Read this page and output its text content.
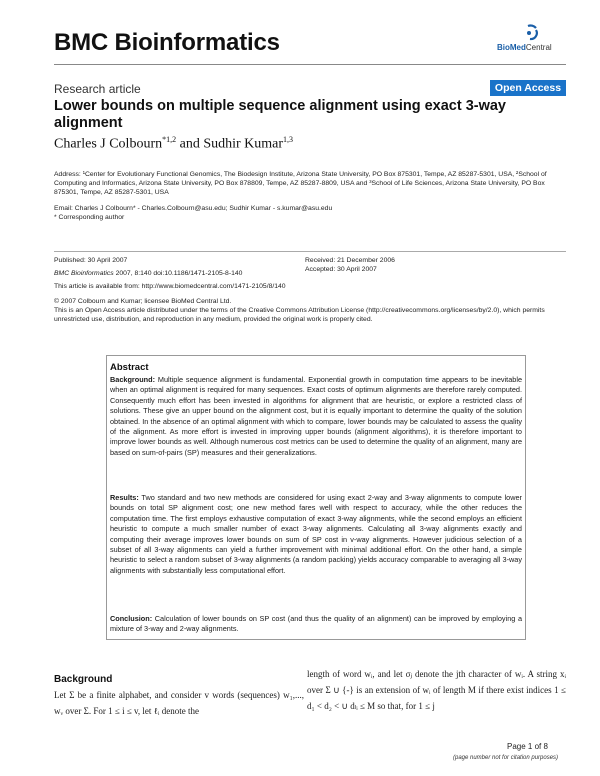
BMC Bioinformatics	BioMedCentral
Research article	Open Access
Lower bounds on multiple sequence alignment using exact 3-way alignment
Charles J Colbourn$^{*1,2}$ and Sudhir Kumar$^{1,3}$
Address: ¹Center for Evolutionary Functional Genomics, The Biodesign Institute, Arizona State University, PO Box 875301, Tempe, AZ 85287-5301, USA, ²School of Computing and Informatics, Arizona State University, PO Box 878809, Tempe, AZ 85287-8809, USA and ³School of Life Sciences, Arizona State University, PO Box 875301, Tempe, AZ 85287-5301, USA
Email: Charles J Colbourn* - Charles.Colbourn@asu.edu; Sudhir Kumar - s.kumar@asu.edu
* Corresponding author
Published: 30 April 2007
BMC Bioinformatics 2007, 8:140 doi:10.1186/1471-2105-8-140
Received: 21 December 2006
Accepted: 30 April 2007
This article is available from: http://www.biomedcentral.com/1471-2105/8/140
© 2007 Colbourn and Kumar; licensee BioMed Central Ltd.
This is an Open Access article distributed under the terms of the Creative Commons Attribution License (http://creativecommons.org/licenses/by/2.0), which permits unrestricted use, distribution, and reproduction in any medium, provided the original work is properly cited.
Abstract
Background: Multiple sequence alignment is fundamental. Exponential growth in computation time appears to be inevitable when an optimal alignment is required for many sequences. Exact costs of optimum alignments are therefore rarely computed. Consequently much effort has been invested in algorithms for alignment that are heuristic, or explore a restricted class of solutions. These give an upper bound on the alignment cost, but it is equally important to determine the quality of the solution obtained. In the absence of an optimal alignment with which to compare, lower bounds may be calculated to assess the quality of the alignment. As more effort is invested in improving upper bounds (alignment algorithms), it is therefore important to improve lower bounds as well. Although numerous cost metrics can be used to determine the quality of an alignment, many are based on sum-of-pairs (SP) measures and their generalizations.
Results: Two standard and two new methods are considered for using exact 2-way and 3-way alignments to compute lower bounds on total SP alignment cost; one new method fares well with respect to accuracy, while the other reduces the computation time. The first employs exhaustive computation of exact 3-way alignments, while the second employs an efficient heuristic to compute a much smaller number of exact 3-way alignments. Calculating all 3-way alignments exactly and computing their average improves lower bounds on sum of SP cost in v-way alignments. However judicious selection of a subset of all 3-way alignments can yield a further improvement with minimal additional effort. On the other hand, a simple heuristic to select a random subset of 3-way alignments (a random packing) yields accuracy comparable to averaging all 3-way alignments with substantially less computational effort.
Conclusion: Calculation of lower bounds on SP cost (and thus the quality of an alignment) can be improved by employing a mixture of 3-way and 2-way alignments.
Background
Let Σ be a finite alphabet, and consider v words (sequences) w₁,..., wᵥ over Σ. For 1 ≤ i ≤ v, let ℓᵢ denote the
length of word wᵢ, and let σⱼ denote the jth character of wᵢ. A string xᵢ over Σ ∪ {-} is an extension of wᵢ of length M if there exist indices 1 ≤ d₁ < d₂ < ∪ dₗᵢ ≤ M so that, for 1 ≤ j
Page 1 of 8
(page number not for citation purposes)
